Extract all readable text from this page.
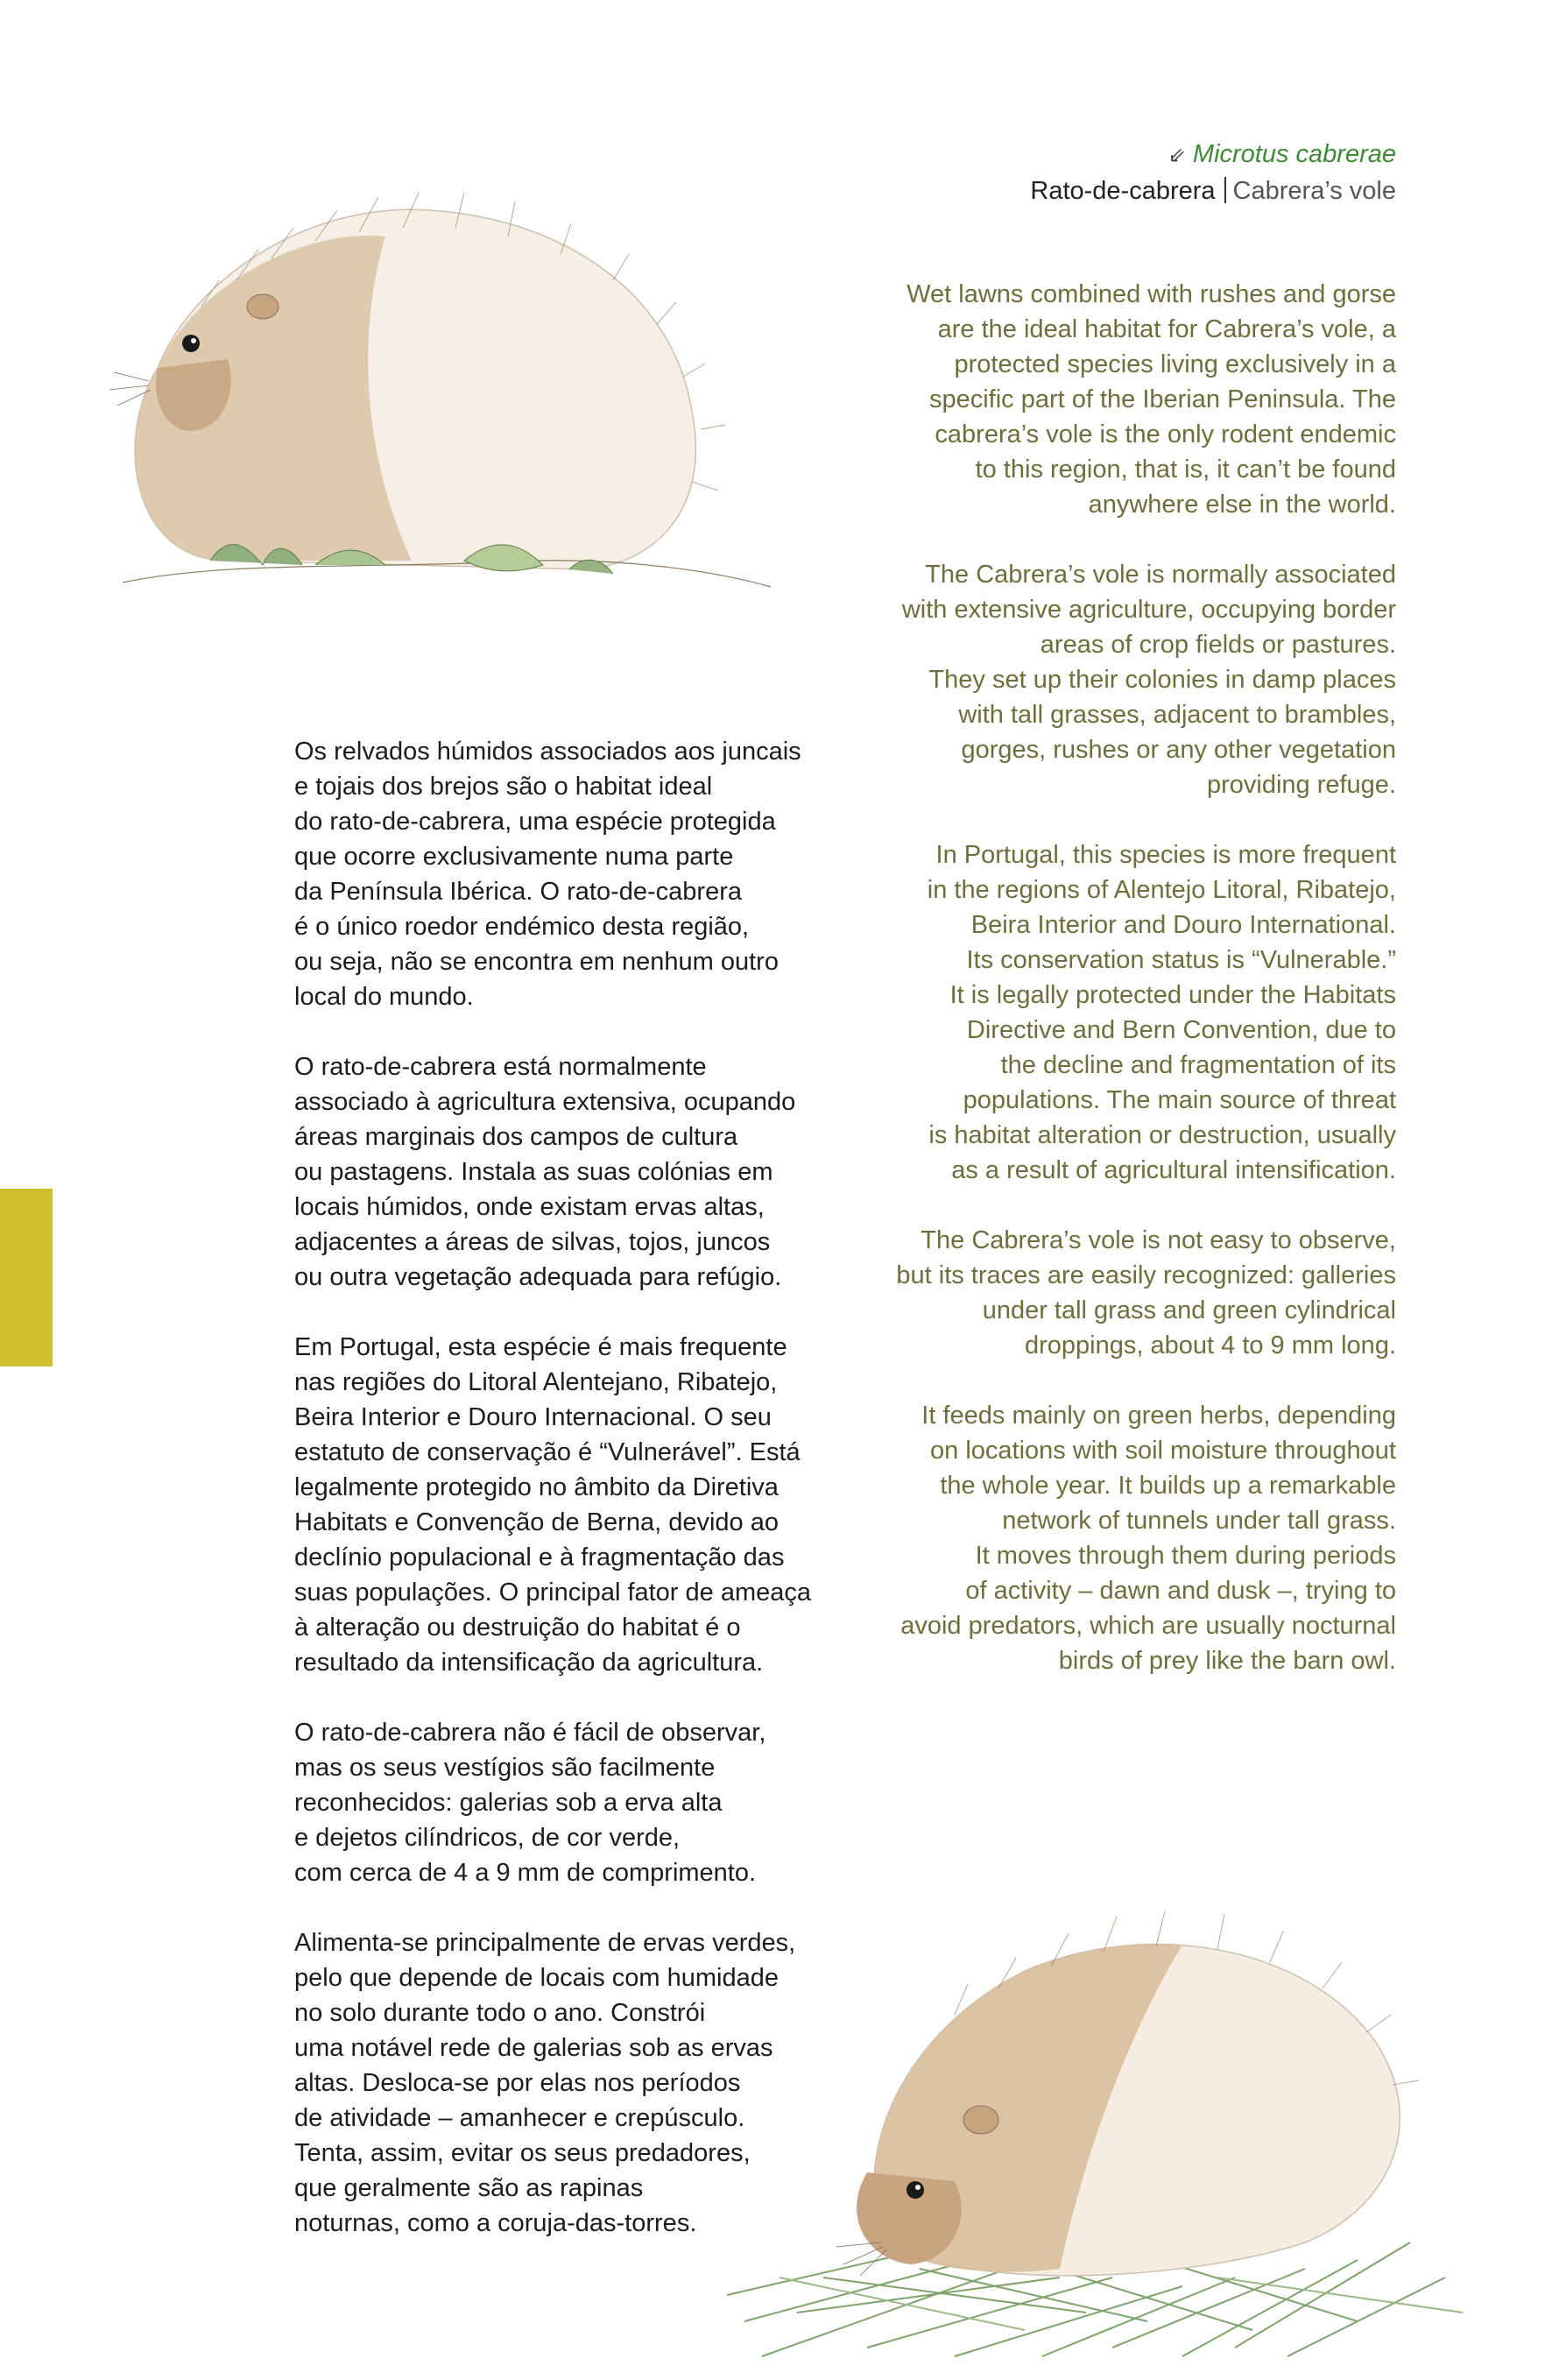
⇙ Microtus cabrerae
Rato-de-cabrera Cabrera’s vole

Wet lawns combined with rushes and gorse
are the ideal habitat for Cabrera’s vole, a
protected species living exclusively in a
specific part of the Iberian Peninsula. The
cabrera’s vole is the only rodent endemic
to this region, that is, it can’t be found
anywhere else in the world.

The Cabrera’s vole is normally associated
with extensive agriculture, occupying border
areas of crop fields or pastures.
They set up their colonies in damp places
with tall grasses, adjacent to brambles,
gorges, rushes or any other vegetation
providing refuge.

In Portugal, this species is more frequent
in the regions of Alentejo Litoral, Ribatejo,
Beira Interior and Douro International.
Its conservation status is “Vulnerable.”
It is legally protected under the Habitats
Directive and Bern Convention, due to
the decline and fragmentation of its
populations. The main source of threat
is habitat alteration or destruction, usually
as a result of agricultural intensification.

The Cabrera’s vole is not easy to observe,
but its traces are easily recognized: galleries
under tall grass and green cylindrical
droppings, about 4 to 9 mm long.

It feeds mainly on green herbs, depending
on locations with soil moisture throughout
the whole year. It builds up a remarkable
network of tunnels under tall grass.
It moves through them during periods
of activity – dawn and dusk –, trying to
avoid predators, which are usually nocturnal
birds of prey like the barn owl.

Os relvados húmidos associados aos juncais
e tojais dos brejos são o habitat ideal
do rato-de-cabrera, uma espécie protegida
que ocorre exclusivamente numa parte
da Península Ibérica. O rato-de-cabrera
é o único roedor endémico desta região,
ou seja, não se encontra em nenhum outro
local do mundo.

O rato-de-cabrera está normalmente
associado à agricultura extensiva, ocupando
áreas marginais dos campos de cultura
ou pastagens. Instala as suas colónias em
locais húmidos, onde existam ervas altas,
adjacentes a áreas de silvas, tojos, juncos
ou outra vegetação adequada para refúgio.

Em Portugal, esta espécie é mais frequente
nas regiões do Litoral Alentejano, Ribatejo,
Beira Interior e Douro Internacional. O seu
estatuto de conservação é “Vulnerável”. Está
legalmente protegido no âmbito da Diretiva
Habitats e Convenção de Berna, devido ao
declínio populacional e à fragmentação das
suas populações. O principal fator de ameaça
à alteração ou destruição do habitat é o
resultado da intensificação da agricultura.

O rato-de-cabrera não é fácil de observar,
mas os seus vestígios são facilmente
reconhecidos: galerias sob a erva alta
e dejetos cilíndricos, de cor verde,
com cerca de 4 a 9 mm de comprimento.

Alimenta-se principalmente de ervas verdes,
pelo que depende de locais com humidade
no solo durante todo o ano. Constrói
uma notável rede de galerias sob as ervas
altas. Desloca-se por elas nos períodos
de atividade – amanhecer e crepúsculo.
Tenta, assim, evitar os seus predadores,
que geralmente são as rapinas
noturnas, como a coruja-das-torres.
